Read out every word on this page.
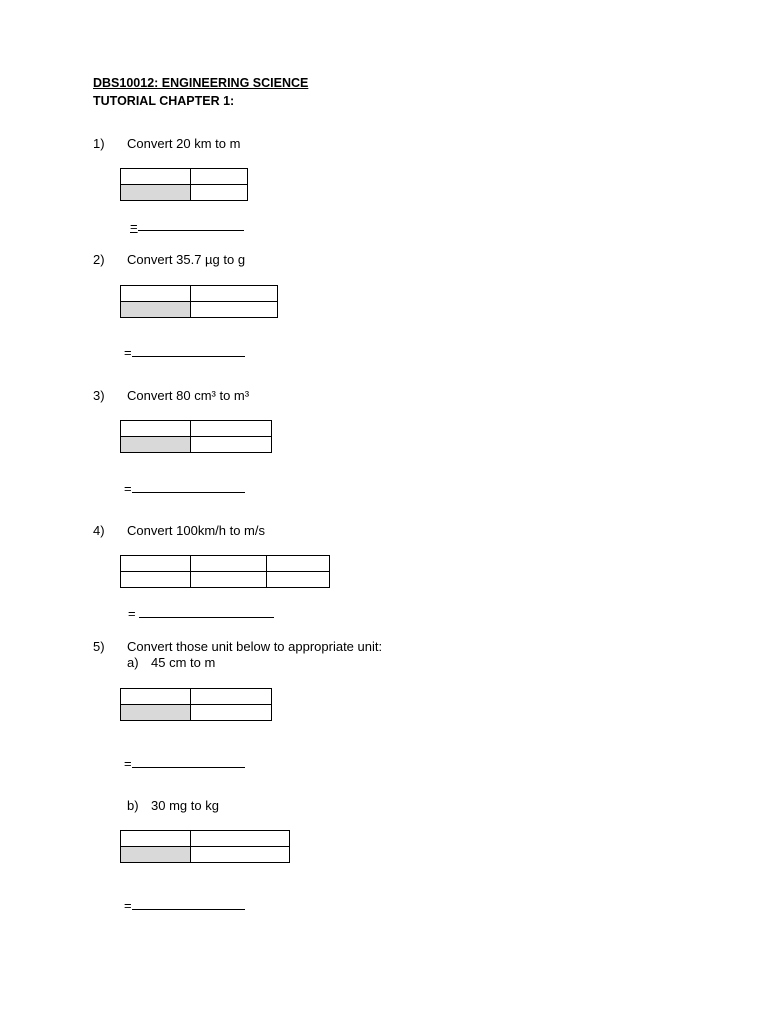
DBS10012: ENGINEERING SCIENCE
TUTORIAL CHAPTER 1:
1) Convert 20 km to m

=
2) Convert 35.7 µg to g

=
3) Convert 80 cm³ to m³

=
4) Convert 100km/h to m/s

=
5) Convert those unit below to appropriate unit:
a) 45 cm to m

=
b) 30 mg to kg

=
